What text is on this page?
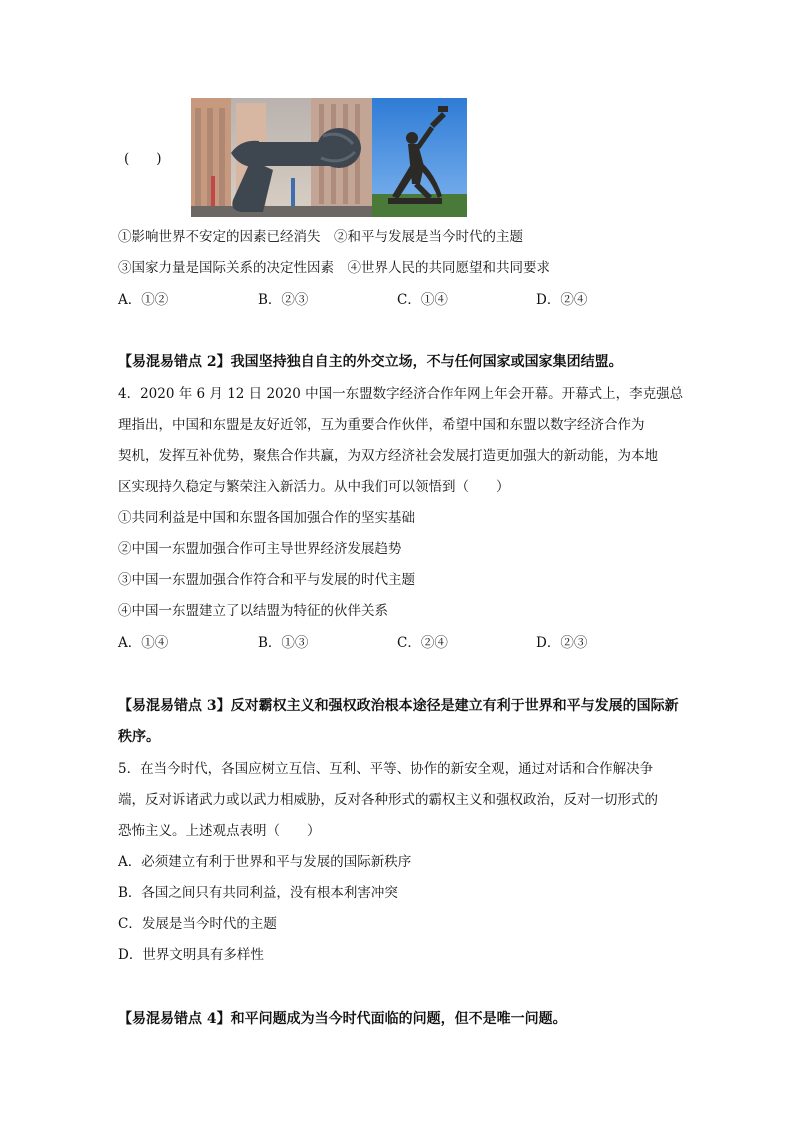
(　　)
①影响世界不安定的因素已经消失　②和平与发展是当今时代的主题
③国家力量是国际关系的决定性因素　④世界人民的共同愿望和共同要求
A．①②	B．②③	C．①④	D．②④
【易混易错点 2】我国坚持独自自主的外交立场，不与任何国家或国家集团结盟。
4．2020 年 6 月 12 日 2020 中国一东盟数字经济合作年网上年会开幕。开幕式上，李克强总
理指出，中国和东盟是友好近邻，互为重要合作伙伴，希望中国和东盟以数字经济合作为
契机，发挥互补优势，聚焦合作共赢，为双方经济社会发展打造更加强大的新动能，为本地
区实现持久稳定与繁荣注入新活力。从中我们可以领悟到（　　）
①共同利益是中国和东盟各国加强合作的坚实基础
②中国一东盟加强合作可主导世界经济发展趋势
③中国一东盟加强合作符合和平与发展的时代主题
④中国一东盟建立了以结盟为特征的伙伴关系
A．①④	B．①③	C．②④	D．②③
【易混易错点 3】反对霸权主义和强权政治根本途径是建立有利于世界和平与发展的国际新
秩序。
5．在当今时代，各国应树立互信、互利、平等、协作的新安全观，通过对话和合作解决争
端，反对诉诸武力或以武力相威胁，反对各种形式的霸权主义和强权政治，反对一切形式的
恐怖主义。上述观点表明（　　）
A．必须建立有利于世界和平与发展的国际新秩序
B．各国之间只有共同利益，没有根本利害冲突
C．发展是当今时代的主题
D．世界文明具有多样性
【易混易错点 4】和平问题成为当今时代面临的问题，但不是唯一问题。
